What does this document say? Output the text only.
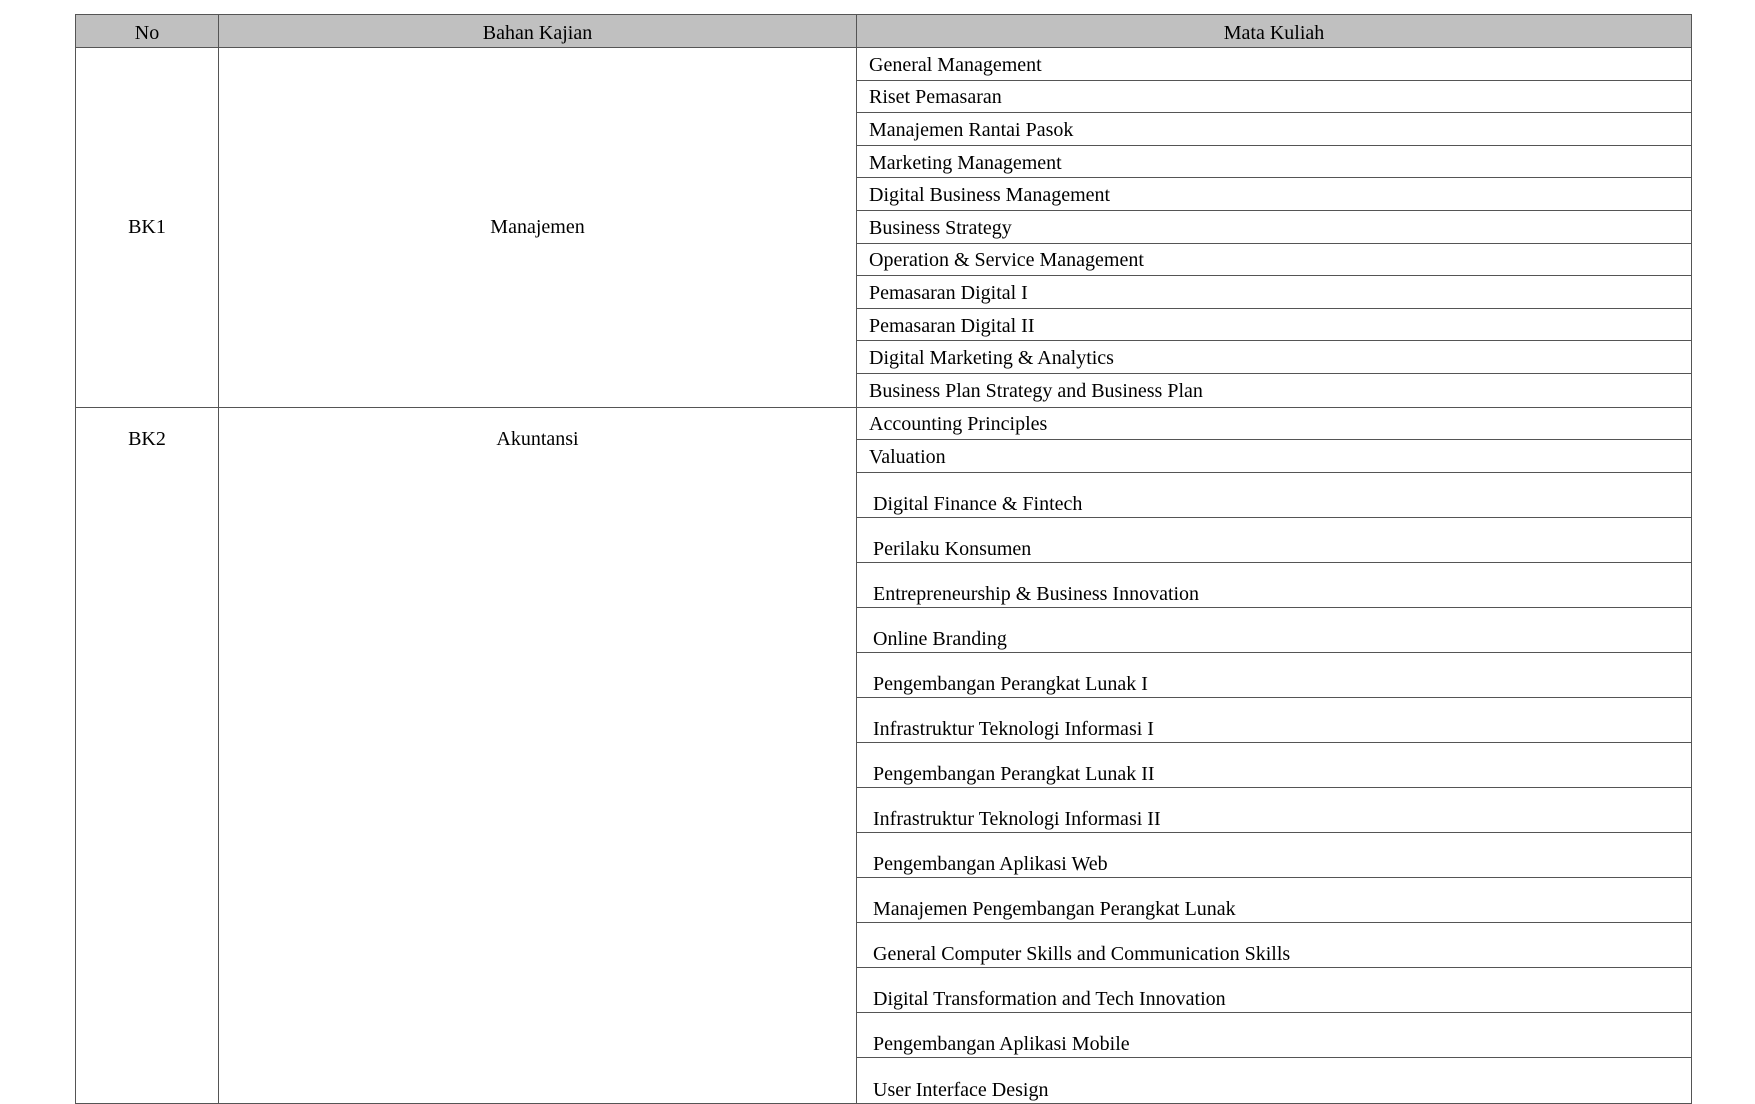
No	Bahan Kajian	Mata Kuliah
BK1	Manajemen
General Management
Riset Pemasaran
Manajemen Rantai Pasok
Marketing Management
Digital Business Management
Business Strategy
Operation & Service Management
Pemasaran Digital I
Pemasaran Digital II
Digital Marketing & Analytics
Business Plan Strategy and Business Plan
BK2	Akuntansi
Accounting Principles
Valuation
Digital Finance & Fintech
Perilaku Konsumen
Entrepreneurship & Business Innovation
Online Branding
Pengembangan Perangkat Lunak I
Infrastruktur Teknologi Informasi I
Pengembangan Perangkat Lunak II
Infrastruktur Teknologi Informasi II
Pengembangan Aplikasi Web
Manajemen Pengembangan Perangkat Lunak
General Computer Skills and Communication Skills
Digital Transformation and Tech Innovation
Pengembangan Aplikasi Mobile
User Interface Design
